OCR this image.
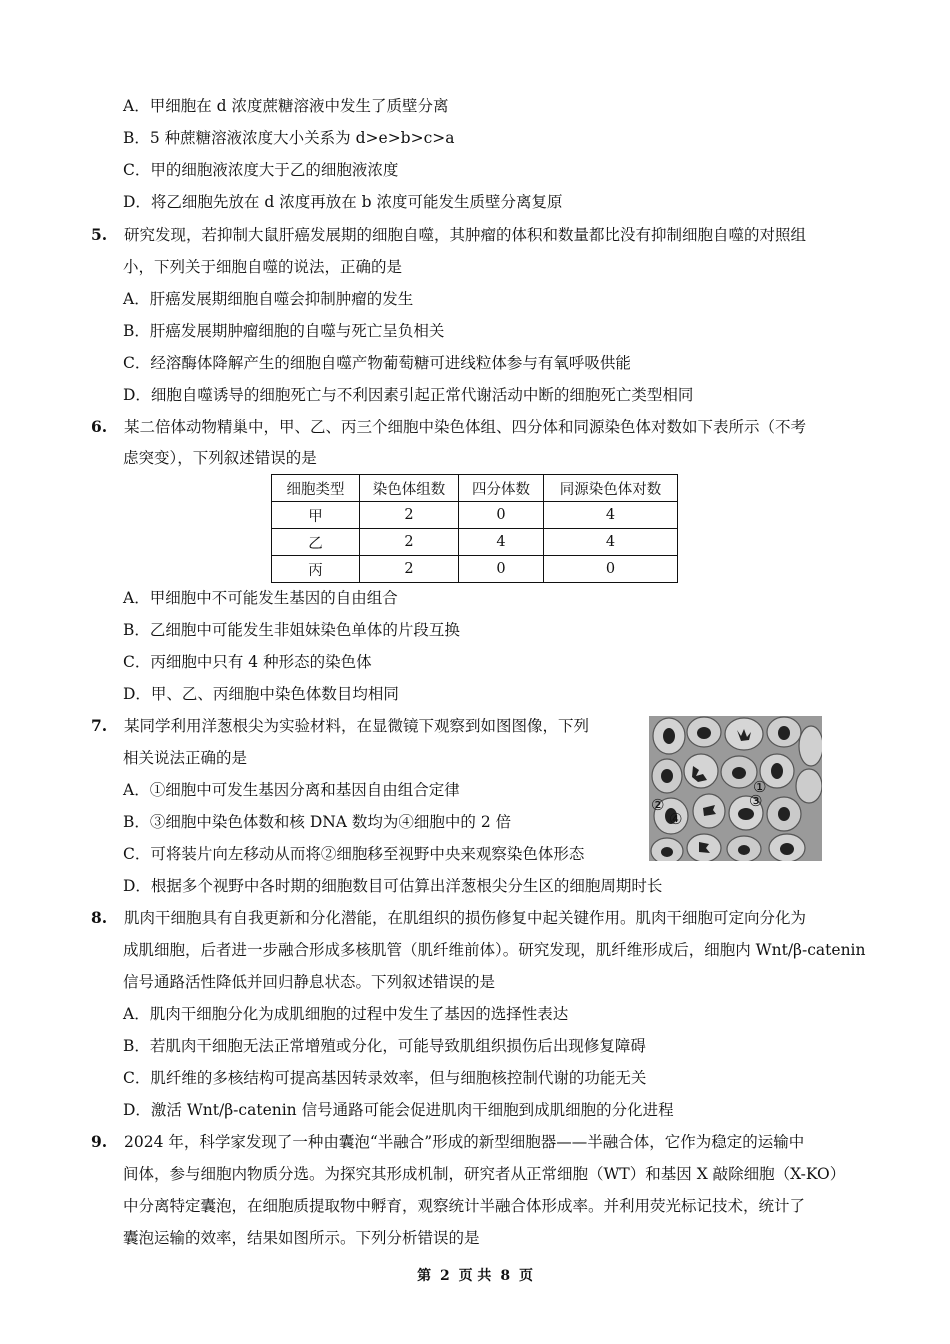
A．甲细胞在 d 浓度蔗糖溶液中发生了质壁分离
B．5 种蔗糖溶液浓度大小关系为 d>e>b>c>a
C．甲的细胞液浓度大于乙的细胞液浓度
D．将乙细胞先放在 d 浓度再放在 b 浓度可能发生质壁分离复原
5. 研究发现，若抑制大鼠肝癌发展期的细胞自噬，其肿瘤的体积和数量都比没有抑制细胞自噬的对照组
小，下列关于细胞自噬的说法，正确的是
A．肝癌发展期细胞自噬会抑制肿瘤的发生
B．肝癌发展期肿瘤细胞的自噬与死亡呈负相关
C．经溶酶体降解产生的细胞自噬产物葡萄糖可进线粒体参与有氧呼吸供能
D．细胞自噬诱导的细胞死亡与不利因素引起正常代谢活动中断的细胞死亡类型相同
6. 某二倍体动物精巢中，甲、乙、丙三个细胞中染色体组、四分体和同源染色体对数如下表所示（不考
虑突变），下列叙述错误的是
细胞类型	染色体组数	四分体数	同源染色体对数
甲	2	0	4
乙	2	4	4
丙	2	0	0
A．甲细胞中不可能发生基因的自由组合
B．乙细胞中可能发生非姐妹染色单体的片段互换
C．丙细胞中只有 4 种形态的染色体
D．甲、乙、丙细胞中染色体数目均相同
7. 某同学利用洋葱根尖为实验材料，在显微镜下观察到如图图像，下列
相关说法正确的是
A．①细胞中可发生基因分离和基因自由组合定律
B．③细胞中染色体数和核 DNA 数均为④细胞中的 2 倍
C．可将装片向左移动从而将②细胞移至视野中央来观察染色体形态
D．根据多个视野中各时期的细胞数目可估算出洋葱根尖分生区的细胞周期时长
①
②	③
④
8. 肌肉干细胞具有自我更新和分化潜能，在肌组织的损伤修复中起关键作用。肌肉干细胞可定向分化为
成肌细胞，后者进一步融合形成多核肌管（肌纤维前体）。研究发现，肌纤维形成后，细胞内 Wnt/β-catenin
信号通路活性降低并回归静息状态。下列叙述错误的是
A．肌肉干细胞分化为成肌细胞的过程中发生了基因的选择性表达
B．若肌肉干细胞无法正常增殖或分化，可能导致肌组织损伤后出现修复障碍
C．肌纤维的多核结构可提高基因转录效率，但与细胞核控制代谢的功能无关
D．激活 Wnt/β-catenin 信号通路可能会促进肌肉干细胞到成肌细胞的分化进程
9. 2024 年，科学家发现了一种由囊泡“半融合”形成的新型细胞器——半融合体，它作为稳定的运输中
间体，参与细胞内物质分选。为探究其形成机制，研究者从正常细胞（WT）和基因 X 敲除细胞（X-KO）
中分离特定囊泡，在细胞质提取物中孵育，观察统计半融合体形成率。并利用荧光标记技术，统计了
囊泡运输的效率，结果如图所示。下列分析错误的是
第 2 页 共 8 页
